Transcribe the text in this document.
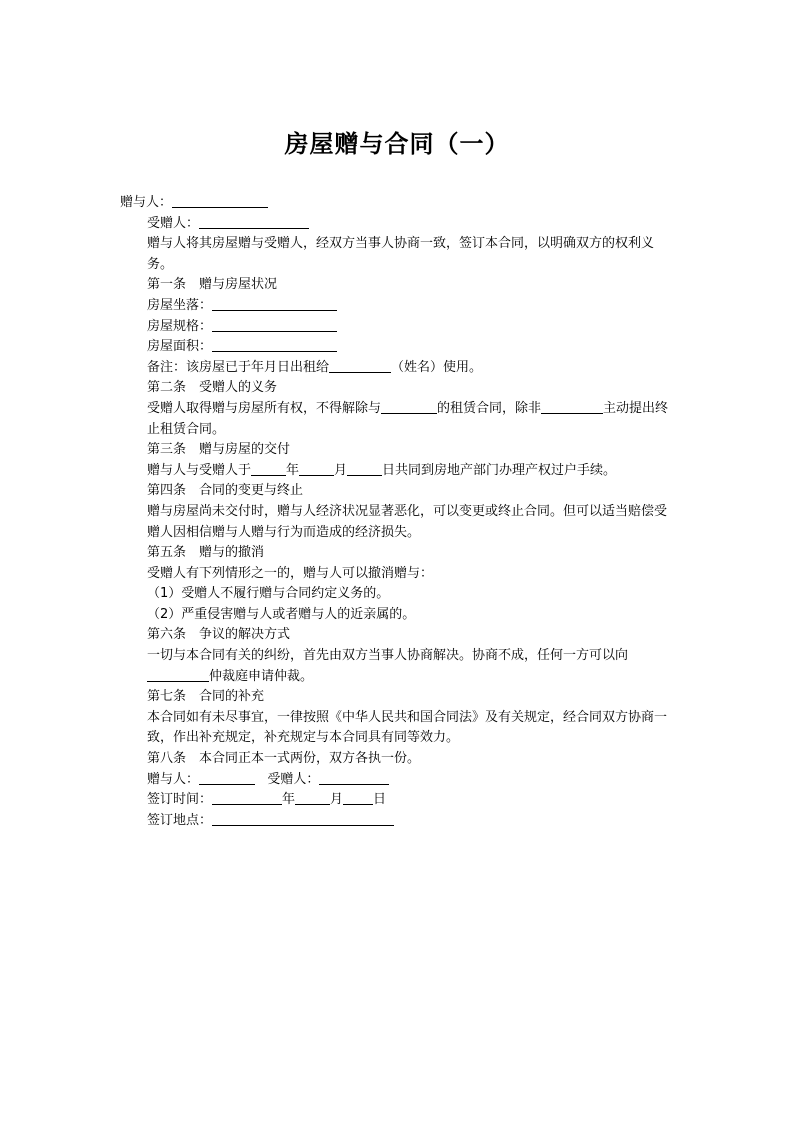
房屋赠与合同（一）

赠与人：

受赠人：

赠与人将其房屋赠与受赠人，经双方当事人协商一致，签订本合同，以明确双方的权利义务。

第一条　赠与房屋状况

房屋坐落：

房屋规格：

房屋面积：

备注：该房屋已于年月日出租给	（姓名）使用。

第二条　受赠人的义务

受赠人取得赠与房屋所有权，不得解除与	的租赁合同，除非	主动提出终止租赁合同。

第三条　赠与房屋的交付

赠与人与受赠人于	年	月	日共同到房地产部门办理产权过户手续。

第四条　合同的变更与终止

赠与房屋尚未交付时，赠与人经济状况显著恶化，可以变更或终止合同。但可以适当赔偿受赠人因相信赠与人赠与行为而造成的经济损失。

第五条　赠与的撤消

受赠人有下列情形之一的，赠与人可以撤消赠与：

（1）受赠人不履行赠与合同约定义务的。

（2）严重侵害赠与人或者赠与人的近亲属的。

第六条　争议的解决方式

一切与本合同有关的纠纷，首先由双方当事人协商解决。协商不成，任何一方可以向仲裁庭申请仲裁。

第七条　合同的补充

本合同如有未尽事宜，一律按照《中华人民共和国合同法》及有关规定，经合同双方协商一致，作出补充规定，补充规定与本合同具有同等效力。

第八条　本合同正本一式两份，双方各执一份。

赠与人：	受赠人：

签订时间：	年	月 日

签订地点：
